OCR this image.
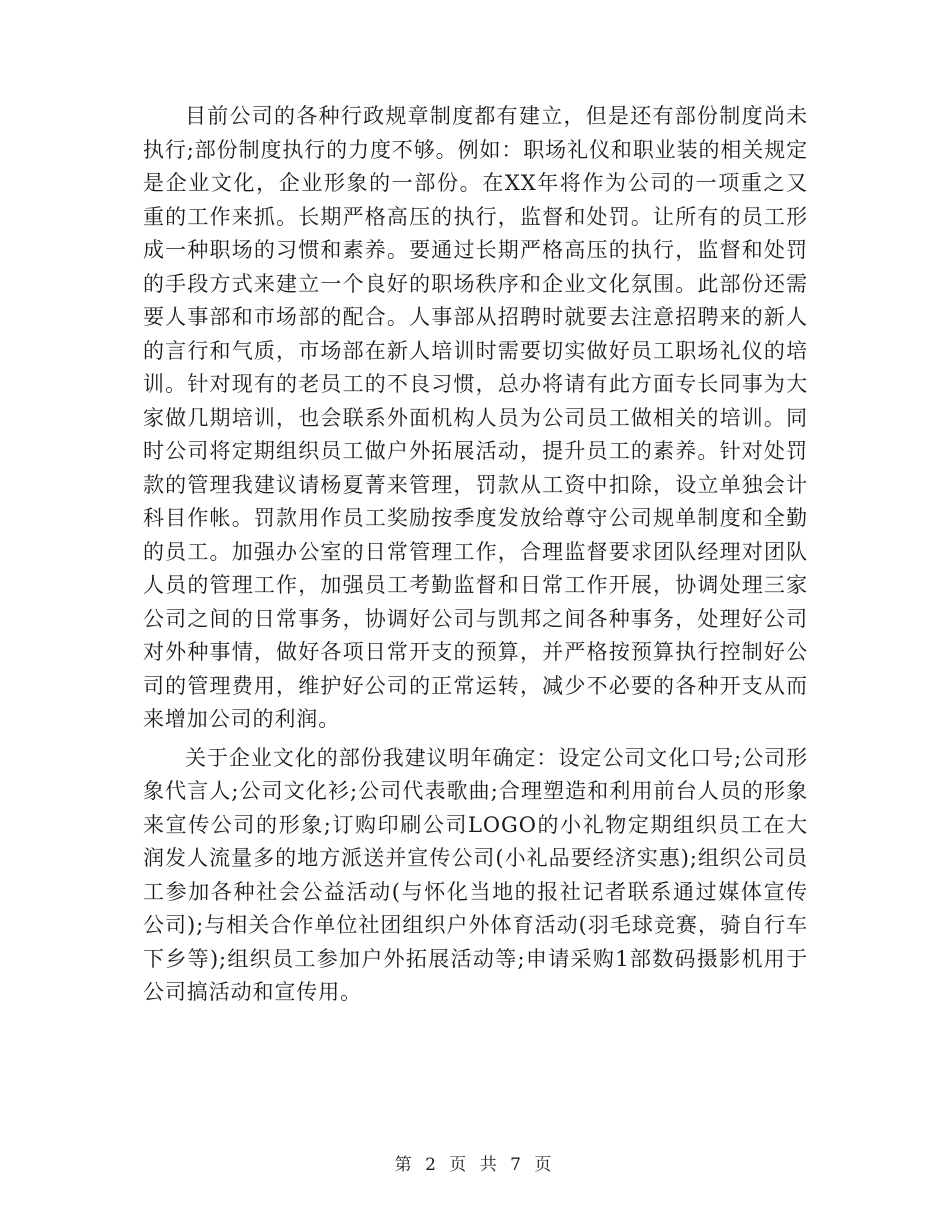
目前公司的各种行政规章制度都有建立，但是还有部份制度尚未执行;部份制度执行的力度不够。例如：职场礼仪和职业装的相关规定是企业文化，企业形象的一部份。在XX年将作为公司的一项重之又重的工作来抓。长期严格高压的执行，监督和处罚。让所有的员工形成一种职场的习惯和素养。要通过长期严格高压的执行，监督和处罚的手段方式来建立一个良好的职场秩序和企业文化氛围。此部份还需要人事部和市场部的配合。人事部从招聘时就要去注意招聘来的新人的言行和气质，市场部在新人培训时需要切实做好员工职场礼仪的培训。针对现有的老员工的不良习惯，总办将请有此方面专长同事为大家做几期培训，也会联系外面机构人员为公司员工做相关的培训。同时公司将定期组织员工做户外拓展活动，提升员工的素养。针对处罚款的管理我建议请杨夏菁来管理，罚款从工资中扣除，设立单独会计科目作帐。罚款用作员工奖励按季度发放给尊守公司规单制度和全勤的员工。加强办公室的日常管理工作，合理监督要求团队经理对团队人员的管理工作，加强员工考勤监督和日常工作开展，协调处理三家公司之间的日常事务，协调好公司与凯邦之间各种事务，处理好公司对外种事情，做好各项日常开支的预算，并严格按预算执行控制好公司的管理费用，维护好公司的正常运转，减少不必要的各种开支从而来增加公司的利润。

关于企业文化的部份我建议明年确定：设定公司文化口号;公司形象代言人;公司文化衫;公司代表歌曲;合理塑造和利用前台人员的形象来宣传公司的形象;订购印刷公司LOGO的小礼物定期组织员工在大润发人流量多的地方派送并宣传公司(小礼品要经济实惠);组织公司员工参加各种社会公益活动(与怀化当地的报社记者联系通过媒体宣传公司);与相关合作单位社团组织户外体育活动(羽毛球竞赛，骑自行车下乡等);组织员工参加户外拓展活动等;申请采购1部数码摄影机用于公司搞活动和宣传用。

第 2 页 共 7 页
